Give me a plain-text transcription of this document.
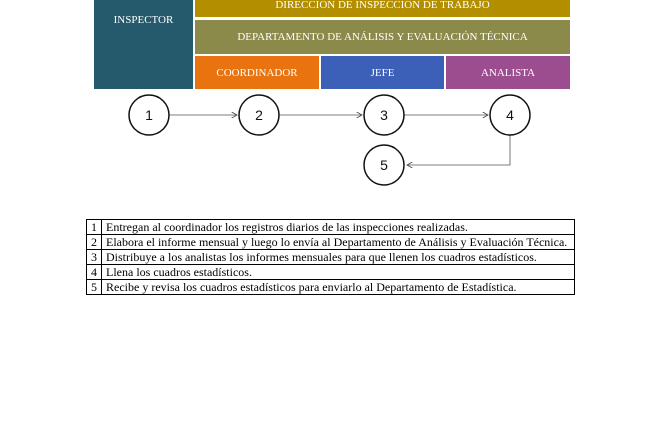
INSPECTOR
DIRECCIÓN DE INSPECCIÓN DE TRABAJO
DEPARTAMENTO DE ANÁLISIS Y EVALUACIÓN TÉCNICA
COORDINADOR	JEFE	ANALISTA
1	2	3	4
5
1	Entregan al coordinador los registros diarios de las inspecciones realizadas.
2	Elabora el informe mensual y luego lo envía al Departamento de Análisis y Evaluación Técnica.
3	Distribuye a los analistas los informes mensuales para que llenen los cuadros estadísticos.
4	Llena los cuadros estadísticos.
5	Recibe y revisa los cuadros estadísticos para enviarlo al Departamento de Estadística.
